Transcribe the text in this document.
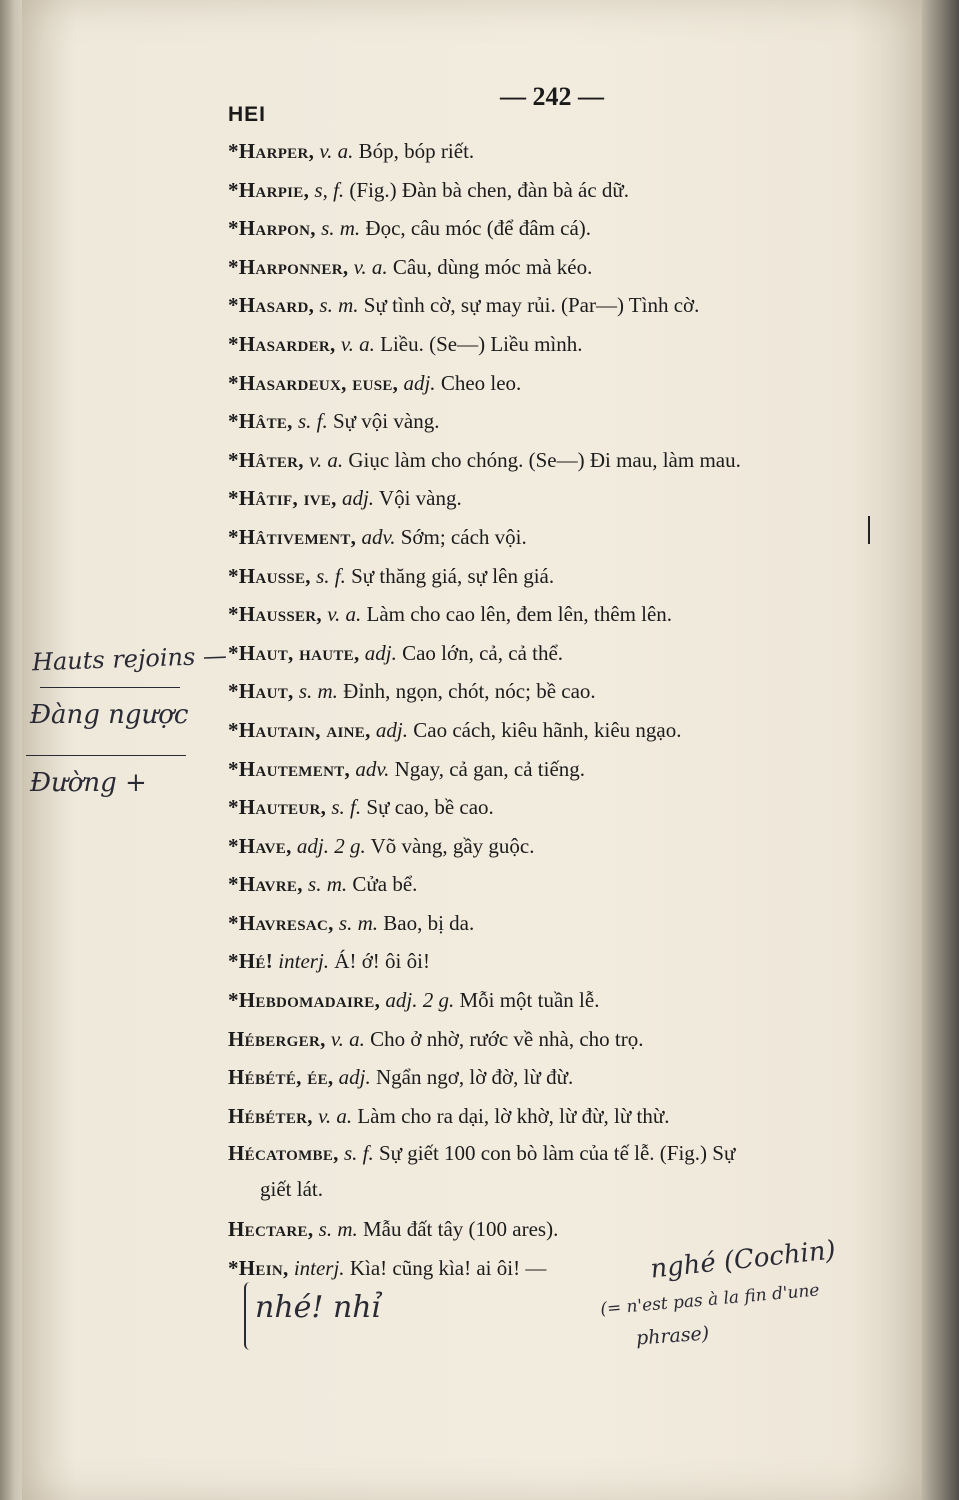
HEI
— 242 —
*Harper, v. a. Bóp, bóp riết.
*Harpie, s, f. (Fig.) Đàn bà chen, đàn bà ác dữ.
*Harpon, s. m. Đọc, câu móc (để đâm cá).
*Harponner, v. a. Câu, dùng móc mà kéo.
*Hasard, s. m. Sự tình cờ, sự may rủi. (Par—) Tình cờ.
*Hasarder, v. a. Liều. (Se—) Liều mình.
*Hasardeux, euse, adj. Cheo leo.
*Hâte, s. f. Sự vội vàng.
*Hâter, v. a. Giục làm cho chóng. (Se—) Đi mau, làm mau.
*Hâtif, ive, adj. Vội vàng.
*Hâtivement, adv. Sớm; cách vội.
*Hausse, s. f. Sự thăng giá, sự lên giá.
*Hausser, v. a. Làm cho cao lên, đem lên, thêm lên.
*Haut, haute, adj. Cao lớn, cả, cả thể.
*Haut, s. m. Đỉnh, ngọn, chót, nóc; bề cao.
*Hautain, aine, adj. Cao cách, kiêu hãnh, kiêu ngạo.
*Hautement, adv. Ngay, cả gan, cả tiếng.
*Hauteur, s. f. Sự cao, bề cao.
*Have, adj. 2 g. Võ vàng, gầy guộc.
*Havre, s. m. Cửa bể.
*Havresac, s. m. Bao, bị da.
*Hé! interj. Á! ớ! ôi ôi!
*Hebdomadaire, adj. 2 g. Mỗi một tuần lễ.
Héberger, v. a. Cho ở nhờ, rước về nhà, cho trọ.
Hébété, ée, adj. Ngẩn ngơ, lờ đờ, lừ đừ.
Hébéter, v. a. Làm cho ra dại, lờ khờ, lừ đừ, lừ thừ.
Hécatombe, s. f. Sự giết 100 con bò làm của tế lễ. (Fig.) Sự
giết lát.
Hectare, s. m. Mẫu đất tây (100 ares).
*Hein, interj. Kìa! cũng kìa! ai ôi! —
Hauts rejoins —
Đàng ngược
Đường +
nhé! nhỉ
nghé (Cochin)
(= n'est pas à la fin d'une
phrase)
